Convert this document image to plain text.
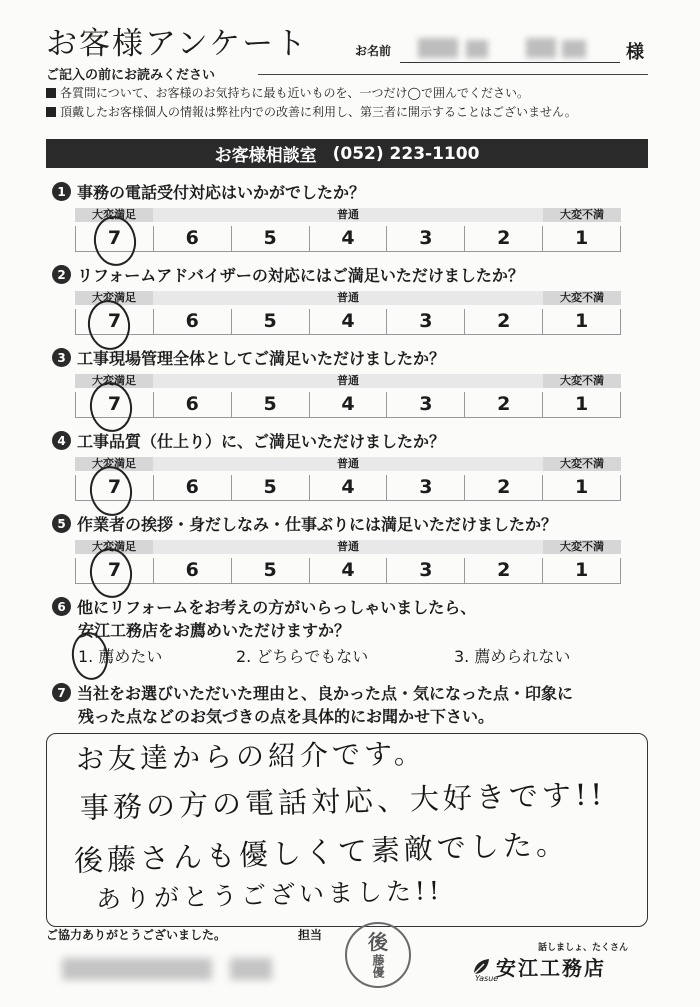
お客様アンケート	お名前	様
ご記入の前にお読みください
各質問について、お客様のお気持ちに最も近いものを、一つだけ◯で囲んでください。
頂戴したお客様個人の情報は弊社内での改善に利用し、第三者に開示することはございません。
お客様相談室 (052) 223-1100
1 事務の電話受付対応はいかがでしたか？
大変満足	普通	大変不満
7	6	5	4	3	2	1
2 リフォームアドバイザーの対応にはご満足いただけましたか？
大変満足	普通	大変不満
7	6	5	4	3	2	1
3 工事現場管理全体としてご満足いただけましたか？
大変満足	普通	大変不満
7	6	5	4	3	2	1
4 工事品質（仕上り）に、ご満足いただけましたか？
大変満足	普通	大変不満
7	6	5	4	3	2	1
5 作業者の挨拶・身だしなみ・仕事ぶりには満足いただけましたか？
大変満足	普通	大変不満
7	6	5	4	3	2	1
6 他にリフォームをお考えの方がいらっしゃいましたら、
安江工務店をお薦めいただけますか？
1. 薦めたい	2. どちらでもない	3. 薦められない
7 当社をお選びいただいた理由と、良かった点・気になった点・印象に
残った点などのお気づきの点を具体的にお聞かせ下さい。
お友達からの紹介です。
事務の方の電話対応、大好きです!!
後藤さんも優しくて素敵でした。
ありがとうございました!!
ご協力ありがとうございました。	担当 後
藤優
話しましょ、たくさん
安江工務店
Yasue
